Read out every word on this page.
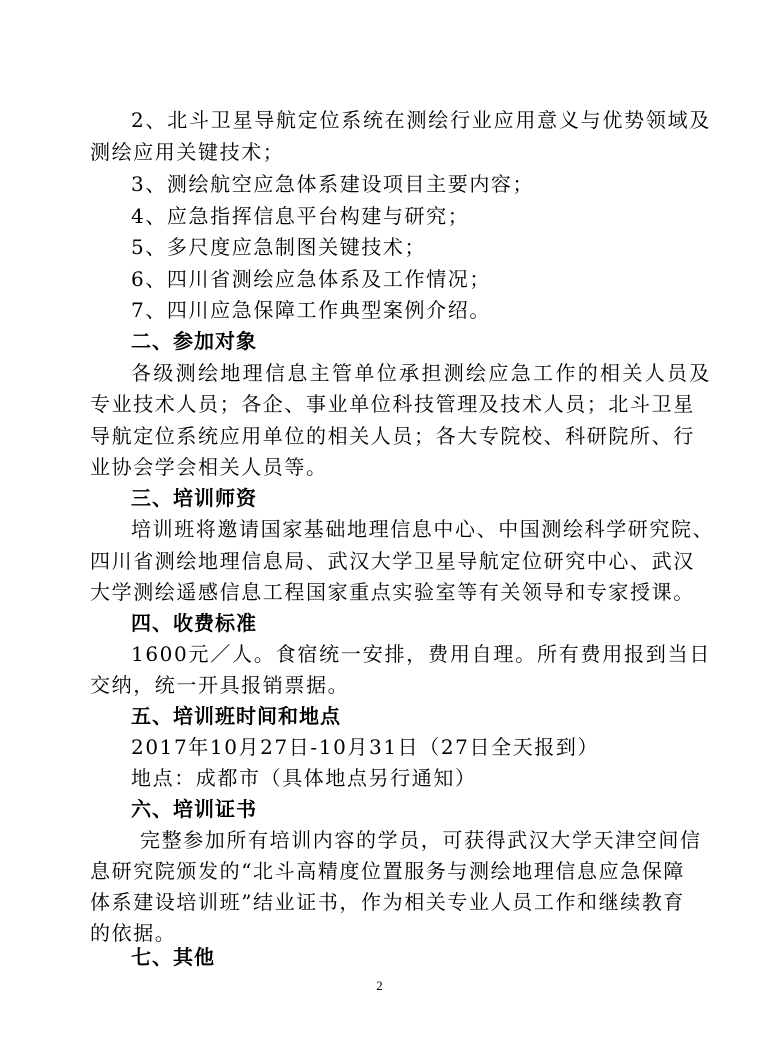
2、北斗卫星导航定位系统在测绘行业应用意义与优势领域及
测绘应用关键技术；
3、测绘航空应急体系建设项目主要内容；
4、应急指挥信息平台构建与研究；
5、多尺度应急制图关键技术；
6、四川省测绘应急体系及工作情况；
7、四川应急保障工作典型案例介绍。
二、参加对象
各级测绘地理信息主管单位承担测绘应急工作的相关人员及
专业技术人员；各企、事业单位科技管理及技术人员；北斗卫星
导航定位系统应用单位的相关人员；各大专院校、科研院所、行
业协会学会相关人员等。
三、培训师资
培训班将邀请国家基础地理信息中心、中国测绘科学研究院、
四川省测绘地理信息局、武汉大学卫星导航定位研究中心、武汉
大学测绘遥感信息工程国家重点实验室等有关领导和专家授课。
四、收费标准
1600元／人。食宿统一安排，费用自理。所有费用报到当日
交纳，统一开具报销票据。
五、培训班时间和地点
2017年10月27日-10月31日（27日全天报到）
地点：成都市（具体地点另行通知）
六、培训证书
完整参加所有培训内容的学员，可获得武汉大学天津空间信
息研究院颁发的“北斗高精度位置服务与测绘地理信息应急保障
体系建设培训班”结业证书，作为相关专业人员工作和继续教育
的依据。
七、其他
2
